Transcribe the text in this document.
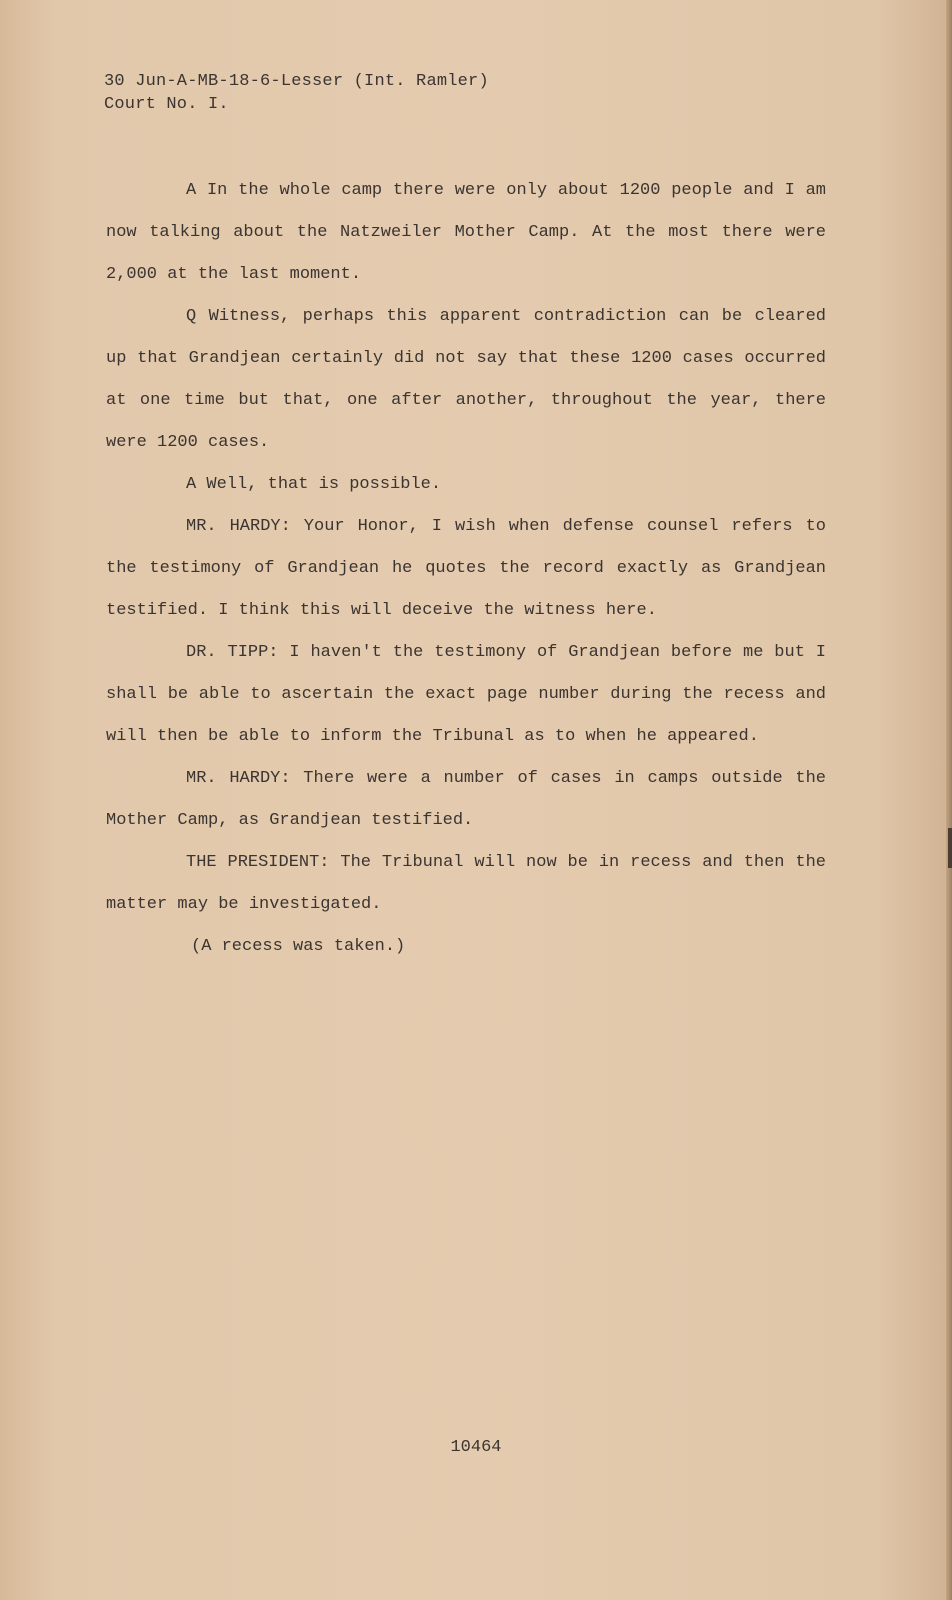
30 Jun-A-MB-18-6-Lesser (Int. Ramler)
Court No. I.

A In the whole camp there were only about 1200 people and I am now talking about the Natzweiler Mother Camp. At the most there were 2,000 at the last moment.

Q Witness, perhaps this apparent contradiction can be cleared up that Grandjean certainly did not say that these 1200 cases occurred at one time but that, one after another, throughout the year, there were 1200 cases.

A Well, that is possible.

MR. HARDY: Your Honor, I wish when defense counsel refers to the testimony of Grandjean he quotes the record exactly as Grandjean testified. I think this will deceive the witness here.

DR. TIPP: I haven't the testimony of Grandjean before me but I shall be able to ascertain the exact page number during the recess and will then be able to inform the Tribunal as to when he appeared.

MR. HARDY: There were a number of cases in camps outside the Mother Camp, as Grandjean testified.

THE PRESIDENT: The Tribunal will now be in recess and then the matter may be investigated.

(A recess was taken.)

10464
